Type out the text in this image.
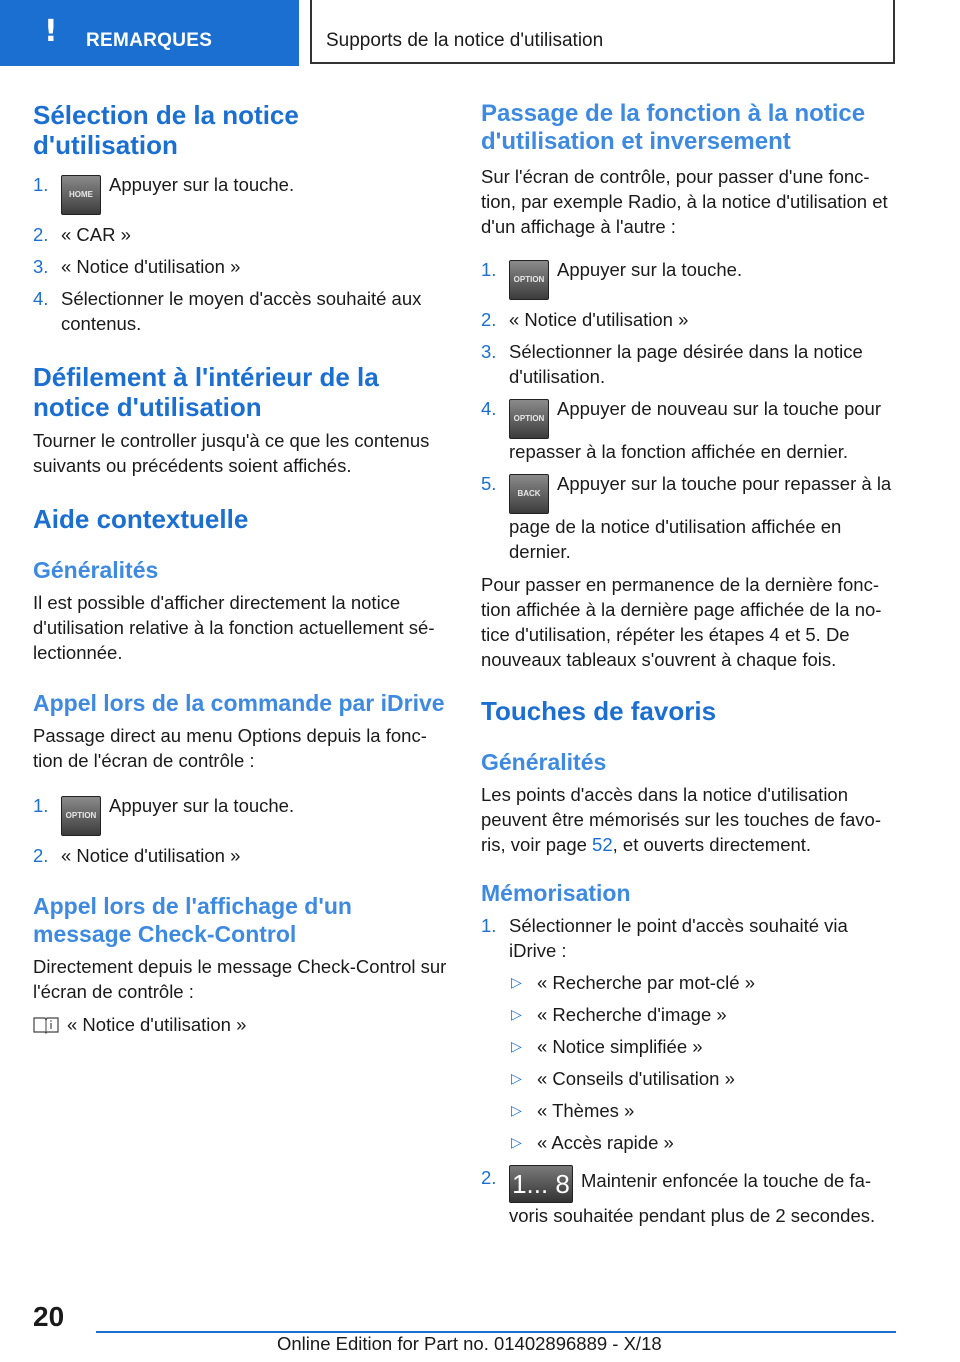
! REMARQUES	Supports de la notice d'utilisation
Sélection de la notice d'utilisation
1.	HOME Appuyer sur la touche.
2. « CAR »
3. « Notice d'utilisation »
4. Sélectionner le moyen d'accès souhaité aux contenus.
Défilement à l'intérieur de la notice d'utilisation

Tourner le controller jusqu'à ce que les contenus suivants ou précédents soient affichés.

Aide contextuelle
Généralités

Il est possible d'afficher directement la notice d'utilisation relative à la fonction actuellement sé-lectionnée.

Appel lors de la commande par iDrive

Passage direct au menu Options depuis la fonc-tion de l'écran de contrôle :

1. OPTION Appuyer sur la touche.
2. « Notice d'utilisation »
Appel lors de l'affichage d'un message Check-Control

Directement depuis le message Check-Control sur l'écran de contrôle :

« Notice d'utilisation »

Passage de la fonction à la notice d'utilisation et inversement

Sur l'écran de contrôle, pour passer d'une fonc-tion, par exemple Radio, à la notice d'utilisation et d'un affichage à l'autre :

1. OPTION Appuyer sur la touche.
2. « Notice d'utilisation »
3. Sélectionner la page désirée dans la notice d'utilisation.
4. OPTION Appuyer de nouveau sur la touche pour repasser à la fonction affichée en dernier.
5.	BACK Appuyer sur la touche pour repasser à la page de la notice d'utilisation affichée en dernier.

Pour passer en permanence de la dernière fonc-tion affichée à la dernière page affichée de la no-tice d'utilisation, répéter les étapes 4 et 5. De nouveaux tableaux s'ouvrent à chaque fois.

Touches de favoris
Généralités

Les points d'accès dans la notice d'utilisation peuvent être mémorisés sur les touches de favo-ris, voir page 52, et ouverts directement.

Mémorisation
1. Sélectionner le point d'accès souhaité via iDrive :
▷ « Recherche par mot-clé »
▷ « Recherche d'image »
▷ « Notice simplifiée »
▷ « Conseils d'utilisation »
▷ « Thèmes »
▷ « Accès rapide »
2. 1... 8 Maintenir enfoncée la touche de fa-voris souhaitée pendant plus de 2 secondes.
20
Online Edition for Part no. 01402896889 - X/18
